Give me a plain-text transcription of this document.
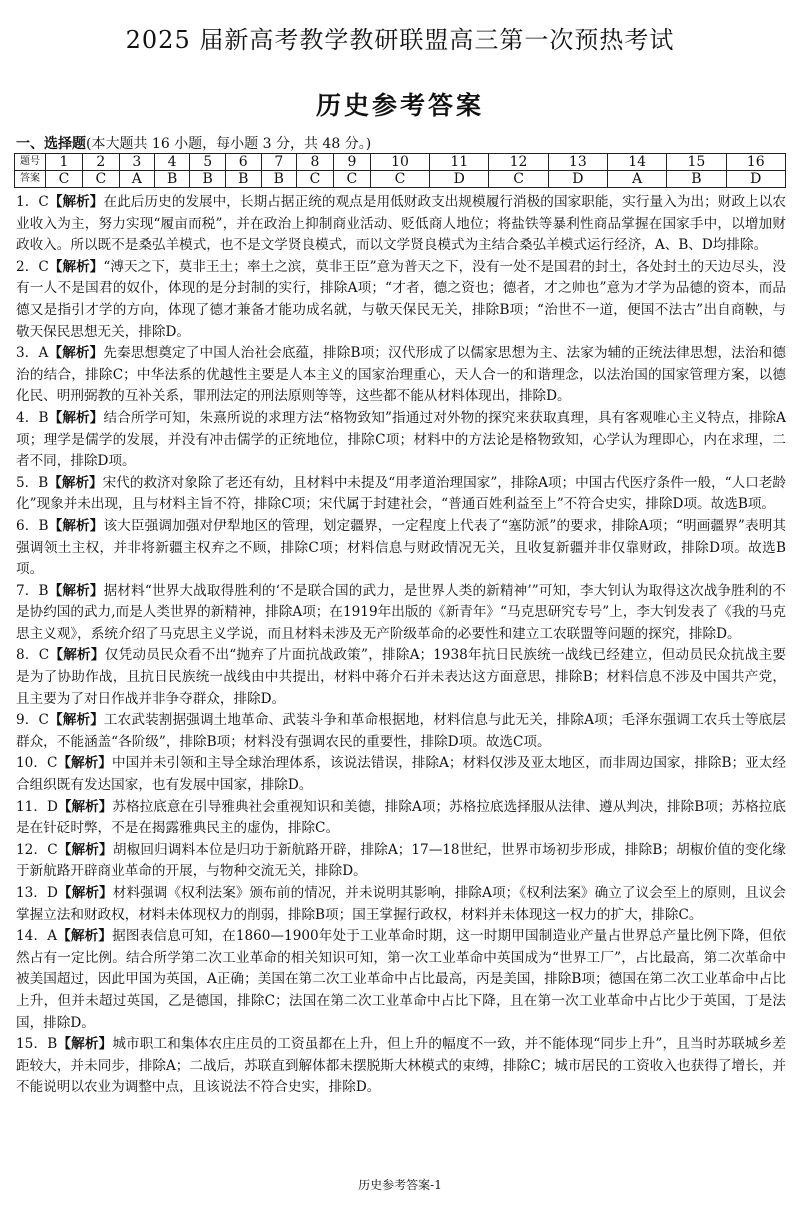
2025 届新高考教学教研联盟高三第一次预热考试
历史参考答案
一、选择题(本大题共 16 小题，每小题 3 分，共 48 分。)
题号	1	2	3	4	5	6	7	8	9	10	11	12	13	14	15	16
答案	C	C	A	B	B	B	B	C	C	C	D	C	D	A	B	D

1．C【解析】在此后历史的发展中，长期占据正统的观点是用低财政支出规模履行消极的国家职能，实行量入为出；财政上以农业收入为主，努力实现“履亩而税”，并在政治上抑制商业活动、贬低商人地位；将盐铁等暴利性商品掌握在国家手中，以增加财政收入。所以既不是桑弘羊模式，也不是文学贤良模式，而以文学贤良模式为主结合桑弘羊模式运行经济，A、B、D均排除。

2．C【解析】“溥天之下，莫非王土；率土之滨，莫非王臣”意为普天之下，没有一处不是国君的封土，各处封土的天边尽头，没有一人不是国君的奴仆，体现的是分封制的实行，排除A项；“才者，德之资也；德者，才之帅也”意为才学为品德的资本，而品德又是指引才学的方向，体现了德才兼备才能功成名就，与敬天保民无关，排除B项；“治世不一道，便国不法古”出自商鞅，与敬天保民思想无关，排除D。

3．A【解析】先秦思想奠定了中国人治社会底蕴，排除B项；汉代形成了以儒家思想为主、法家为辅的正统法律思想，法治和德治的结合，排除C；中华法系的优越性主要是人本主义的国家治理重心，天人合一的和谐理念，以法治国的国家管理方案，以德化民、明刑弼教的互补关系，罪刑法定的刑法原则等等，这些都不能从材料体现出，排除D。

4．B【解析】结合所学可知，朱熹所说的求理方法“格物致知”指通过对外物的探究来获取真理，具有客观唯心主义特点，排除A项；理学是儒学的发展，并没有冲击儒学的正统地位，排除C项；材料中的方法论是格物致知，心学认为理即心，内在求理，二者不同，排除D项。

5．B【解析】宋代的救济对象除了老还有幼，且材料中未提及“用孝道治理国家”，排除A项；中国古代医疗条件一般，“人口老龄化”现象并未出现，且与材料主旨不符，排除C项；宋代属于封建社会，“普通百姓利益至上”不符合史实，排除D项。故选B项。

6．B【解析】该大臣强调加强对伊犁地区的管理，划定疆界，一定程度上代表了“塞防派”的要求，排除A项；“明画疆界”表明其强调领土主权，并非将新疆主权弃之不顾，排除C项；材料信息与财政情况无关，且收复新疆并非仅靠财政，排除D项。故选B项。

7．B【解析】据材料“世界大战取得胜利的‘不是联合国的武力，是世界人类的新精神’”可知，李大钊认为取得这次战争胜利的不是协约国的武力,而是人类世界的新精神，排除A项；在1919年出版的《新青年》“马克思研究专号”上，李大钊发表了《我的马克思主义观》，系统介绍了马克思主义学说，而且材料未涉及无产阶级革命的必要性和建立工农联盟等问题的探究，排除D。

8．C【解析】仅凭动员民众看不出“抛弃了片面抗战政策”，排除A；1938年抗日民族统一战线已经建立，但动员民众抗战主要是为了协助作战，且抗日民族统一战线由中共提出，材料中蒋介石并未表达这方面意思，排除B；材料信息不涉及中国共产党，且主要为了对日作战并非争夺群众，排除D。

9．C【解析】工农武装割据强调土地革命、武装斗争和革命根据地，材料信息与此无关，排除A项；毛泽东强调工农兵士等底层群众，不能涵盖“各阶级”，排除B项；材料没有强调农民的重要性，排除D项。故选C项。

10．C【解析】中国并未引领和主导全球治理体系，该说法错误，排除A；材料仅涉及亚太地区，而非周边国家，排除B；亚太经合组织既有发达国家，也有发展中国家，排除D。

11．D【解析】苏格拉底意在引导雅典社会重视知识和美德，排除A项；苏格拉底选择服从法律、遵从判决，排除B项；苏格拉底是在针砭时弊，不是在揭露雅典民主的虚伪，排除C。

12．C【解析】胡椒回归调料本位是归功于新航路开辟，排除A；17—18世纪，世界市场初步形成，排除B；胡椒价值的变化缘于新航路开辟商业革命的开展，与物种交流无关，排除D。

13．D【解析】材料强调《权利法案》颁布前的情况，并未说明其影响，排除A项；《权利法案》确立了议会至上的原则，且议会掌握立法和财政权，材料未体现权力的削弱，排除B项；国王掌握行政权，材料并未体现这一权力的扩大，排除C。

14．A【解析】据图表信息可知，在1860—1900年处于工业革命时期，这一时期甲国制造业产量占世界总产量比例下降，但依然占有一定比例。结合所学第二次工业革命的相关知识可知，第一次工业革命中英国成为“世界工厂”，占比最高，第二次革命中被美国超过，因此甲国为英国，A正确；美国在第二次工业革命中占比最高，丙是美国，排除B项；德国在第二次工业革命中占比上升，但并未超过英国，乙是德国，排除C；法国在第二次工业革命中占比下降，且在第一次工业革命中占比少于英国，丁是法国，排除D。

15．B【解析】城市职工和集体农庄庄员的工资虽都在上升，但上升的幅度不一致，并不能体现“同步上升”，且当时苏联城乡差距较大，并未同步，排除A；二战后，苏联直到解体都未摆脱斯大林模式的束缚，排除C；城市居民的工资收入也获得了增长，并不能说明以农业为调整中点，且该说法不符合史实，排除D。

历史参考答案-1
